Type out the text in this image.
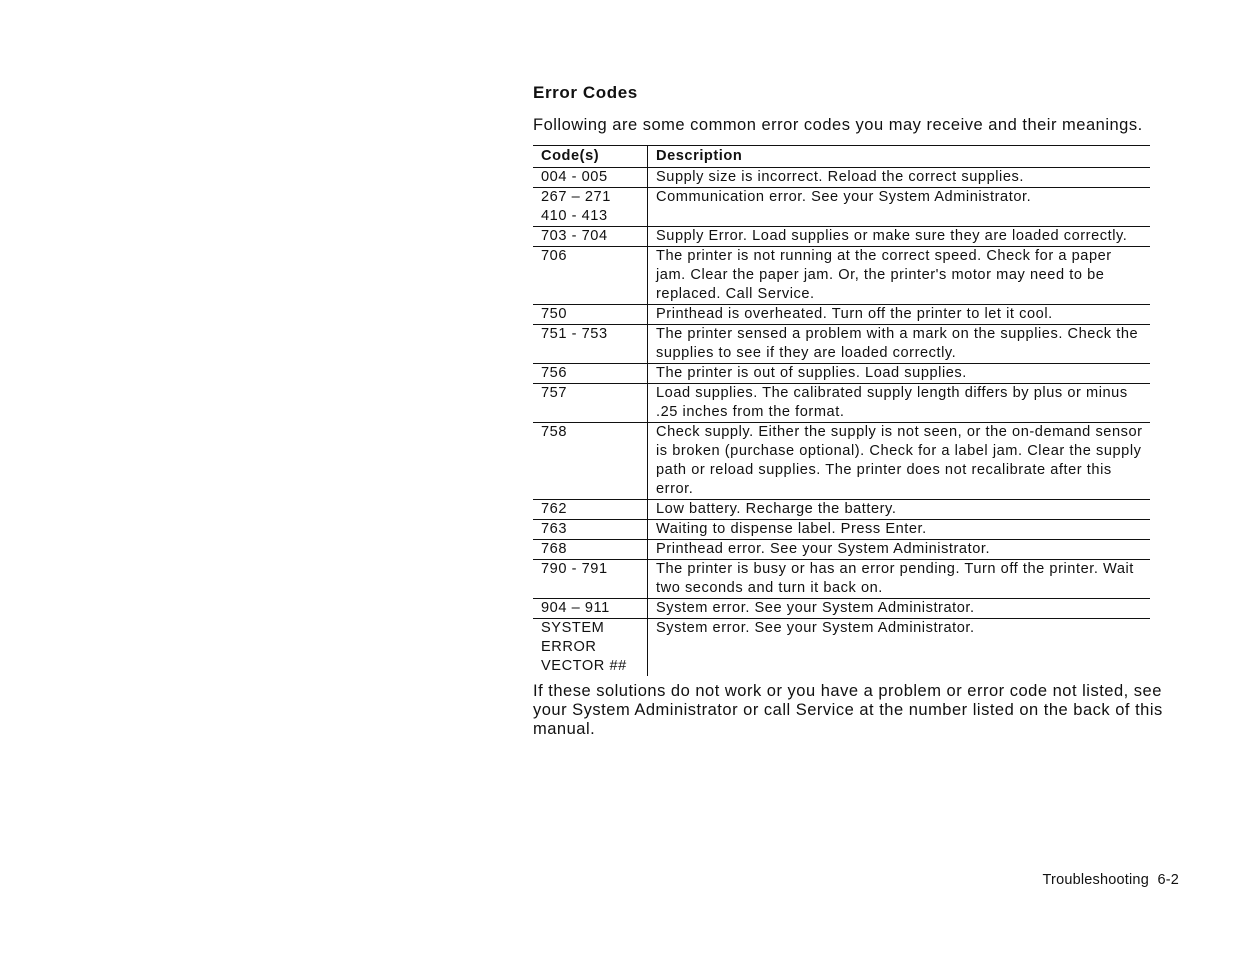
Error Codes

Following are some common error codes you may receive and their meanings.

Code(s)	Description

004 - 005	Supply size is incorrect. Reload the correct supplies.

267 – 271
410 - 413	Communication error. See your System Administrator.

703 - 704	Supply Error. Load supplies or make sure they are loaded correctly.

706	The printer is not running at the correct speed. Check for a paper jam. Clear the paper jam. Or, the printer's motor may need to be replaced. Call Service.

750	Printhead is overheated. Turn off the printer to let it cool.

751 - 753	The printer sensed a problem with a mark on the supplies. Check the supplies to see if they are loaded correctly.

756	The printer is out of supplies. Load supplies.

757	Load supplies. The calibrated supply length differs by plus or minus .25 inches from the format.

758	Check supply. Either the supply is not seen, or the on-demand sensor is broken (purchase optional). Check for a label jam. Clear the supply path or reload supplies. The printer does not recalibrate after this error.

762	Low battery. Recharge the battery.

763	Waiting to dispense label. Press Enter.

768	Printhead error. See your System Administrator.

790 - 791	The printer is busy or has an error pending. Turn off the printer. Wait two seconds and turn it back on.

904 – 911	System error. See your System Administrator.

SYSTEM
ERROR
VECTOR ##	System error. See your System Administrator.

If these solutions do not work or you have a problem or error code not listed, see your System Administrator or call Service at the number listed on the back of this manual.

Troubleshooting 6-2
